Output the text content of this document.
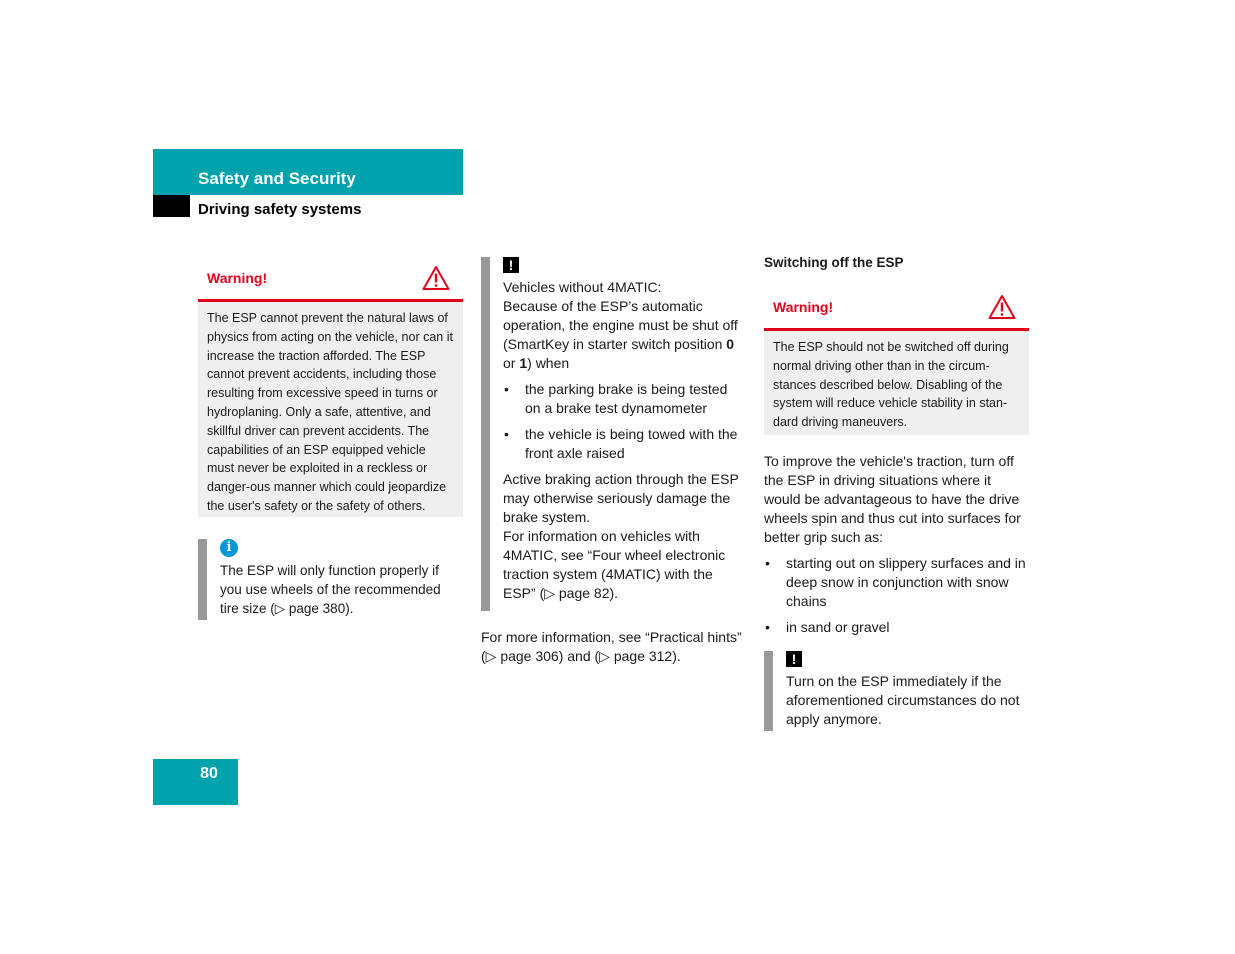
Safety and Security
Driving safety systems
Warning!
The ESP cannot prevent the natural laws of physics from acting on the vehicle, nor can it increase the traction afforded. The ESP cannot prevent accidents, including those resulting from excessive speed in turns or hydroplaning. Only a safe, attentive, and skillful driver can prevent accidents. The capabilities of an ESP equipped vehicle must never be exploited in a reckless or danger-ous manner which could jeopardize the user's safety or the safety of others.
i

The ESP will only function properly if you use wheels of the recommended tire size (▷ page 380).

!

Vehicles without 4MATIC:

Because of the ESP’s automatic operation, the engine must be shut off (SmartKey in starter switch position 0 or 1) when

• the parking brake is being tested on a brake test dynamometer
• the vehicle is being towed with the front axle raised

Active braking action through the ESP may otherwise seriously damage the brake system.

For information on vehicles with 4MATIC, see “Four wheel electronic traction system (4MATIC) with the ESP” (▷ page 82).

For more information, see “Practical hints” (▷ page 306) and (▷ page 312).
Switching off the ESP
Warning!
The ESP should not be switched off during normal driving other than in the circum-stances described below. Disabling of the system will reduce vehicle stability in stan-dard driving maneuvers.

To improve the vehicle's traction, turn off the ESP in driving situations where it would be advantageous to have the drive wheels spin and thus cut into surfaces for better grip such as:

• starting out on slippery surfaces and in deep snow in conjunction with snow chains
• in sand or gravel
!

Turn on the ESP immediately if the aforementioned circumstances do not apply anymore.

80
